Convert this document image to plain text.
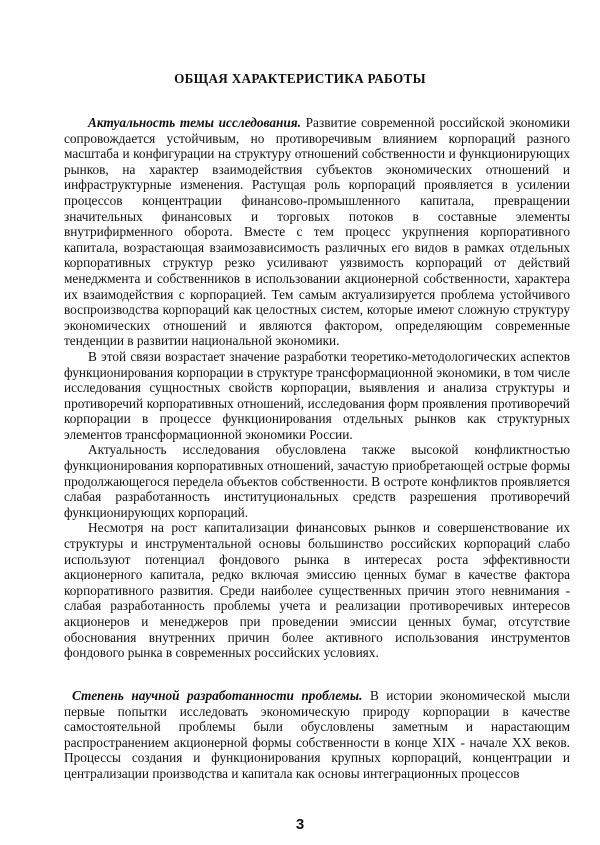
ОБЩАЯ ХАРАКТЕРИСТИКА РАБОТЫ

Актуальность темы исследования. Развитие современной российской экономики сопровождается устойчивым, но противоречивым влиянием корпораций разного масштаба и конфигурации на структуру отношений собственности и функционирующих рынков, на характер взаимодействия субъектов экономических отношений и инфраструктурные изменения. Растущая роль корпораций проявляется в усилении процессов концентрации финансово-промышленного капитала, превращении значительных финансовых и торговых потоков в составные элементы внутрифирменного оборота. Вместе с тем процесс укрупнения корпоративного капитала, возрастающая взаимозависимость различных его видов в рамках отдельных корпоративных структур резко усиливают уязвимость корпораций от действий менеджмента и собственников в использовании акционерной собственности, характера их взаимодействия с корпорацией. Тем самым актуализируется проблема устойчивого воспроизводства корпораций как целостных систем, которые имеют сложную структуру экономических отношений и являются фактором, определяющим современные тенденции в развитии национальной экономики.

В этой связи возрастает значение разработки теоретико-методологических аспектов функционирования корпорации в структуре трансформационной экономики, в том числе исследования сущностных свойств корпорации, выявления и анализа структуры и противоречий корпоративных отношений, исследования форм проявления противоречий корпорации в процессе функционирования отдельных рынков как структурных элементов трансформационной экономики России.

Актуальность исследования обусловлена также высокой конфликтностью функционирования корпоративных отношений, зачастую приобретающей острые формы продолжающегося передела объектов собственности. В остроте конфликтов проявляется слабая разработанность институциональных средств разрешения противоречий функционирующих корпораций.

Несмотря на рост капитализации финансовых рынков и совершенствование их структуры и инструментальной основы большинство российских корпораций слабо используют потенциал фондового рынка в интересах роста эффективности акционерного капитала, редко включая эмиссию ценных бумаг в качестве фактора корпоративного развития. Среди наиболее существенных причин этого невнимания - слабая разработанность проблемы учета и реализации противоречивых интересов акционеров и менеджеров при проведении эмиссии ценных бумаг, отсутствие обоснования внутренних причин более активного использования инструментов фондового рынка в современных российских условиях.

Степень научной разработанности проблемы. В истории экономической мысли первые попытки исследовать экономическую природу корпорации в качестве самостоятельной проблемы были обусловлены заметным и нарастающим распространением акционерной формы собственности в конце XIX - начале XX веков. Процессы создания и функционирования крупных корпораций, концентрации и централизации производства и капитала как основы интеграционных процессов

3
